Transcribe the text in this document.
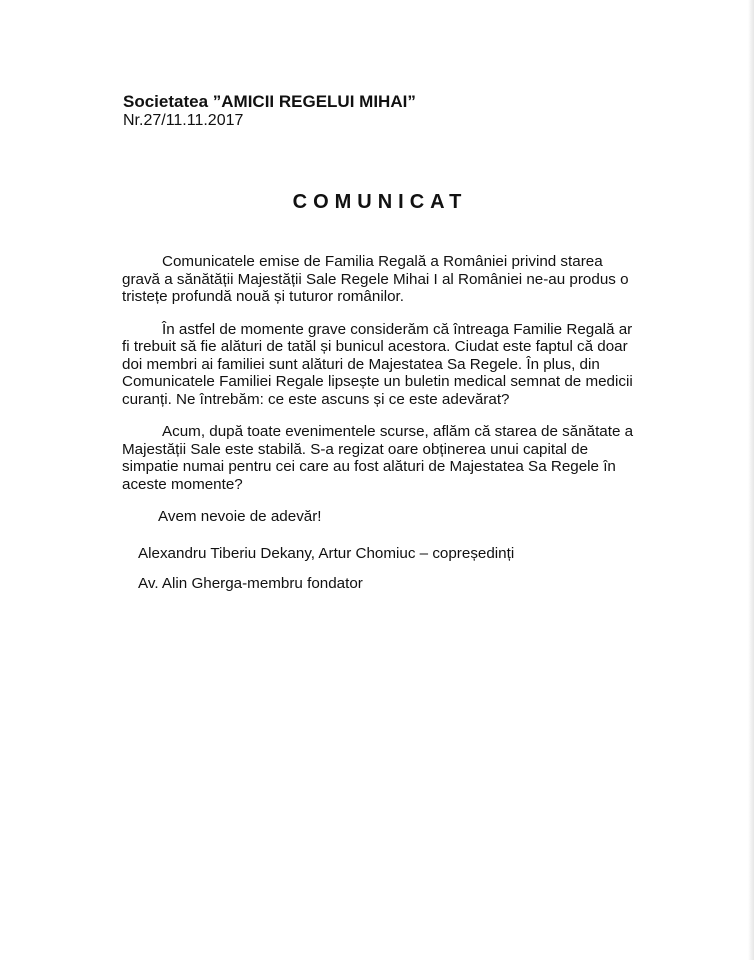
Societatea ”AMICII REGELUI MIHAI”

Nr.27/11.11.2017

COMUNICAT

Comunicatele emise de Familia Regală a României privind starea gravă a sănătății Majestății Sale Regele Mihai I al României ne-au produs o tristețe profundă nouă și tuturor românilor.

În astfel de momente grave considerăm că întreaga Familie Regală ar fi trebuit să fie alături de tatăl și bunicul acestora. Ciudat este faptul că doar doi membri ai familiei sunt alături de Majestatea Sa Regele. În plus, din Comunicatele Familiei Regale lipsește un buletin medical semnat de medicii curanți. Ne întrebăm: ce este ascuns și ce este adevărat?

Acum, după toate evenimentele scurse, aflăm că starea de sănătate a Majestății Sale este stabilă. S-a regizat oare obținerea unui capital de simpatie numai pentru cei care au fost alături de Majestatea Sa Regele în aceste momente?

Avem nevoie de adevăr!

Alexandru Tiberiu Dekany, Artur Chomiuc – copreședinți

Av. Alin Gherga-membru fondator
